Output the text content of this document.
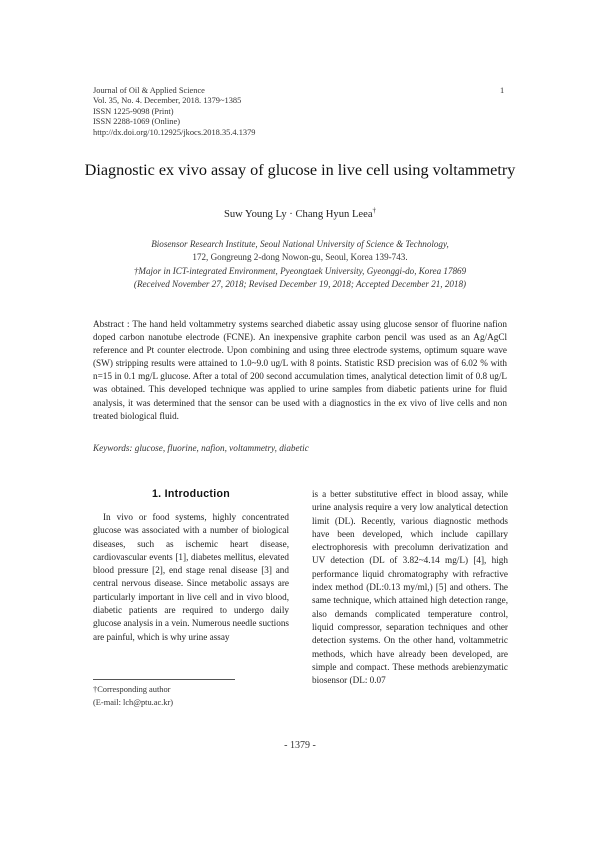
Journal of Oil & Applied Science
Vol. 35, No. 4. December, 2018. 1379~1385
ISSN 1225-9098 (Print)
ISSN 2288-1069 (Online)
http://dx.doi.org/10.12925/jkocs.2018.35.4.1379
1
Diagnostic ex vivo assay of glucose in live cell using voltammetry
Suw Young Ly · Chang Hyun Leea†
Biosensor Research Institute, Seoul National University of Science & Technology,
172, Gongreung 2-dong Nowon-gu, Seoul, Korea 139-743.
†Major in ICT-integrated Environment, Pyeongtaek University, Gyeonggi-do, Korea 17869
(Received November 27, 2018; Revised December 19, 2018; Accepted December 21, 2018)
Abstract : The hand held voltammetry systems searched diabetic assay using glucose sensor of fluorine nafion doped carbon nanotube electrode (FCNE). An inexpensive graphite carbon pencil was used as an Ag/AgCl reference and Pt counter electrode. Upon combining and using three electrode systems, optimum square wave (SW) stripping results were attained to 1.0~9.0 ug/L with 8 points. Statistic RSD precision was of 6.02 % with n=15 in 0.1 mg/L glucose. After a total of 200 second accumulation times, analytical detection limit of 0.8 ug/L was obtained. This developed technique was applied to urine samples from diabetic patients urine for fluid analysis, it was determined that the sensor can be used with a diagnostics in the ex vivo of live cells and non treated biological fluid.
Keywords: glucose, fluorine, nafion, voltammetry, diabetic
1. Introduction

In vivo or food systems, highly concentrated glucose was associated with a number of biological diseases, such as ischemic heart disease, cardiovascular events [1], diabetes mellitus, elevated blood pressure [2], end stage renal disease [3] and central nervous disease. Since metabolic assays are particularly important in live cell and in vivo blood, diabetic patients are required to undergo daily glucose analysis in a vein. Numerous needle suctions are painful, which is why urine assay

is a better substitutive effect in blood assay, while urine analysis require a very low analytical detection limit (DL). Recently, various diagnostic methods have been developed, which include capillary electrophoresis with precolumn derivatization and UV detection (DL of 3.82~4.14 mg/L) [4], high performance liquid chromatography with refractive index method (DL:0.13 my/ml,) [5] and others. The same technique, which attained high detection range, also demands complicated temperature control, liquid compressor, separation techniques and other detection systems. On the other hand, voltammetric methods, which have already been developed, are simple and compact. These methods arebienzymatic biosensor (DL: 0.07

†Corresponding author
(E-mail: lch@ptu.ac.kr)
- 1379 -
